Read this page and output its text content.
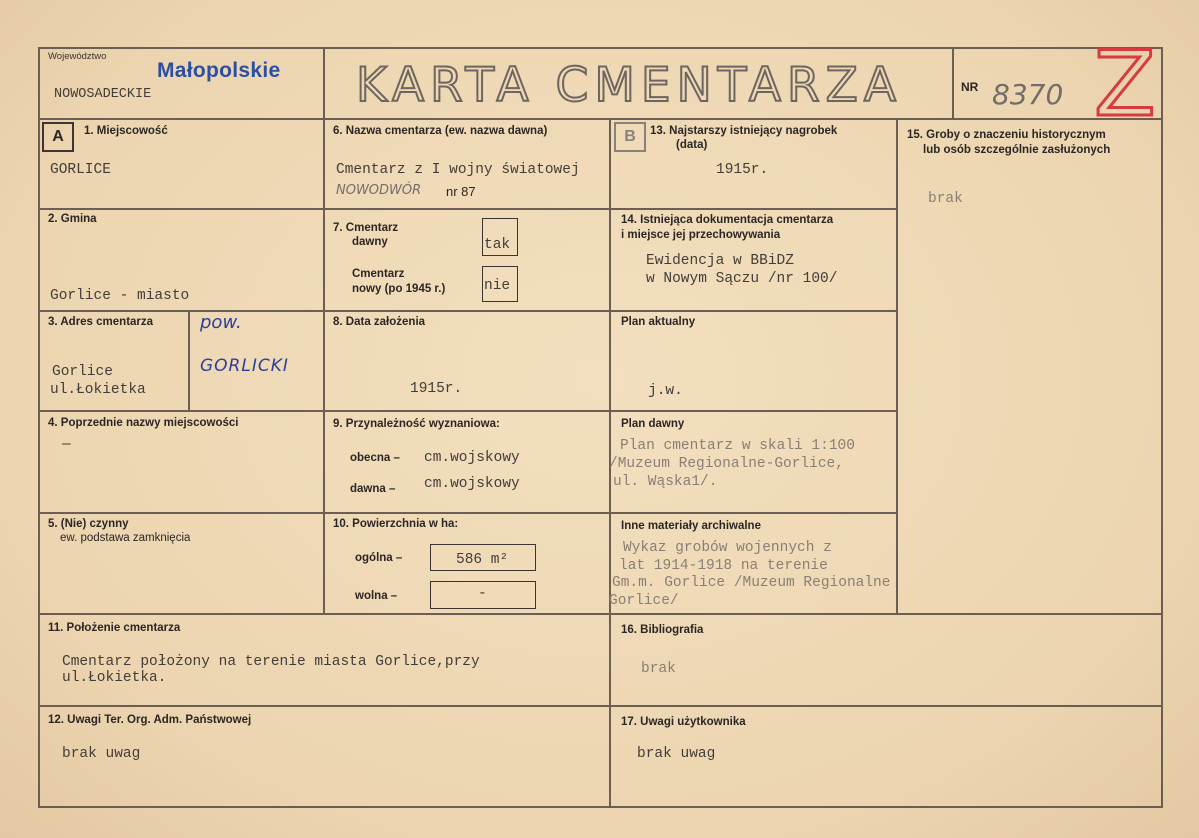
Województwo
Małopolskie
NOWOSADECKIE	KARTA CMENTARZA	NR 8370 Z
A	1. Miejscowość
GORLICE
2. Gmina
Gorlice - miasto
3. Adres cmentarza
Gorlice
ul.Łokietka
pow.
GORLICKI
4. Poprzednie nazwy miejscowości
—
5. (Nie) czynny
ew. podstawa zamknięcia
6. Nazwa cmentarza (ew. nazwa dawna)
Cmentarz z I wojny światowej
NOWODWÓR nr 87
7. Cmentarz
dawny	tak
Cmentarz
nowy (po 1945 r.)	nie
8. Data założenia
1915r.
9. Przynależność wyznaniowa:
obecna – cm.wojskowy
dawna – cm.wojskowy
10. Powierzchnia w ha:
ogólna –	586 m²
wolna –	-
B	13. Najstarszy istniejący nagrobek
(data)
1915r.
14. Istniejąca dokumentacja cmentarza
i miejsce jej przechowywania
Ewidencja w BBiDZ
w Nowym Sączu /nr 100/
Plan aktualny
j.w.
Plan dawny
Plan cmentarz w skali 1:100
/Muzeum Regionalne-Gorlice,
ul. Wąska1/.
Inne materiały archiwalne
Wykaz grobów wojennych z
lat 1914-1918 na terenie
Gm.m. Gorlice /Muzeum Regionalne
Gorlice/
15. Groby o znaczeniu historycznym
lub osób szczególnie zasłużonych
brak
11. Położenie cmentarza
Cmentarz położony na terenie miasta Gorlice,przy
ul.Łokietka.
16. Bibliografia
brak
12. Uwagi Ter. Org. Adm. Państwowej
brak uwag
17. Uwagi użytkownika
brak uwag
